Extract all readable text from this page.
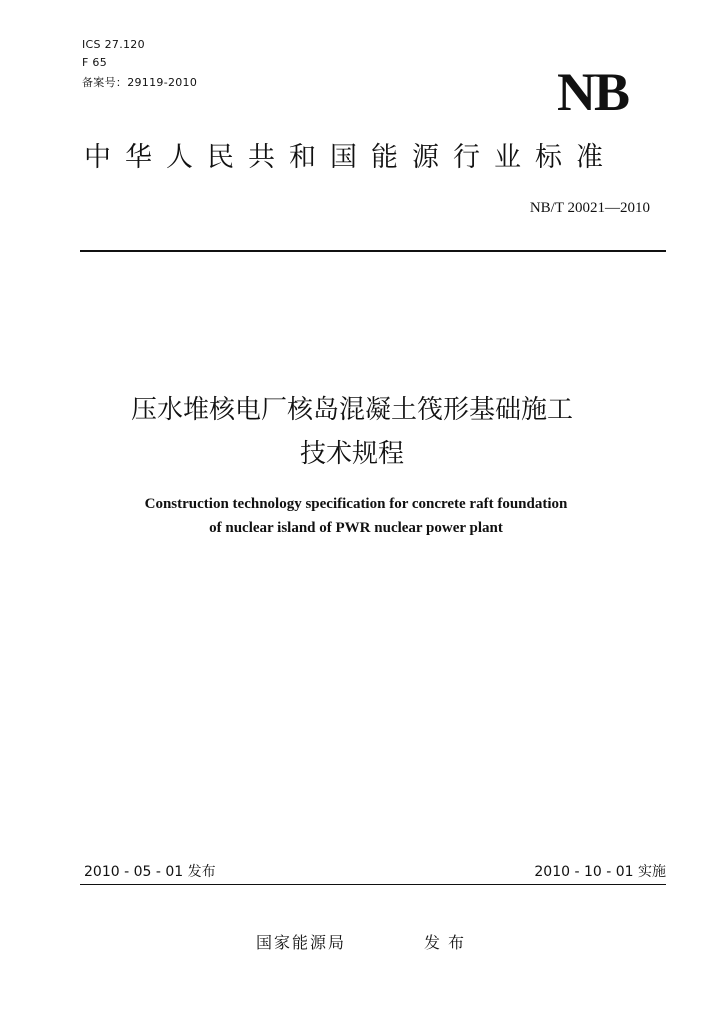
ICS 27.120
F 65
备案号：29119-2010	NB
中华人民共和国能源行业标准
NB/T 20021—2010
压水堆核电厂核岛混凝土筏形基础施工
技术规程
Construction technology specification for concrete raft foundation
of nuclear island of PWR nuclear power plant
2010 - 05 - 01 发布	2010 - 10 - 01 实施
国家能源局	发布
